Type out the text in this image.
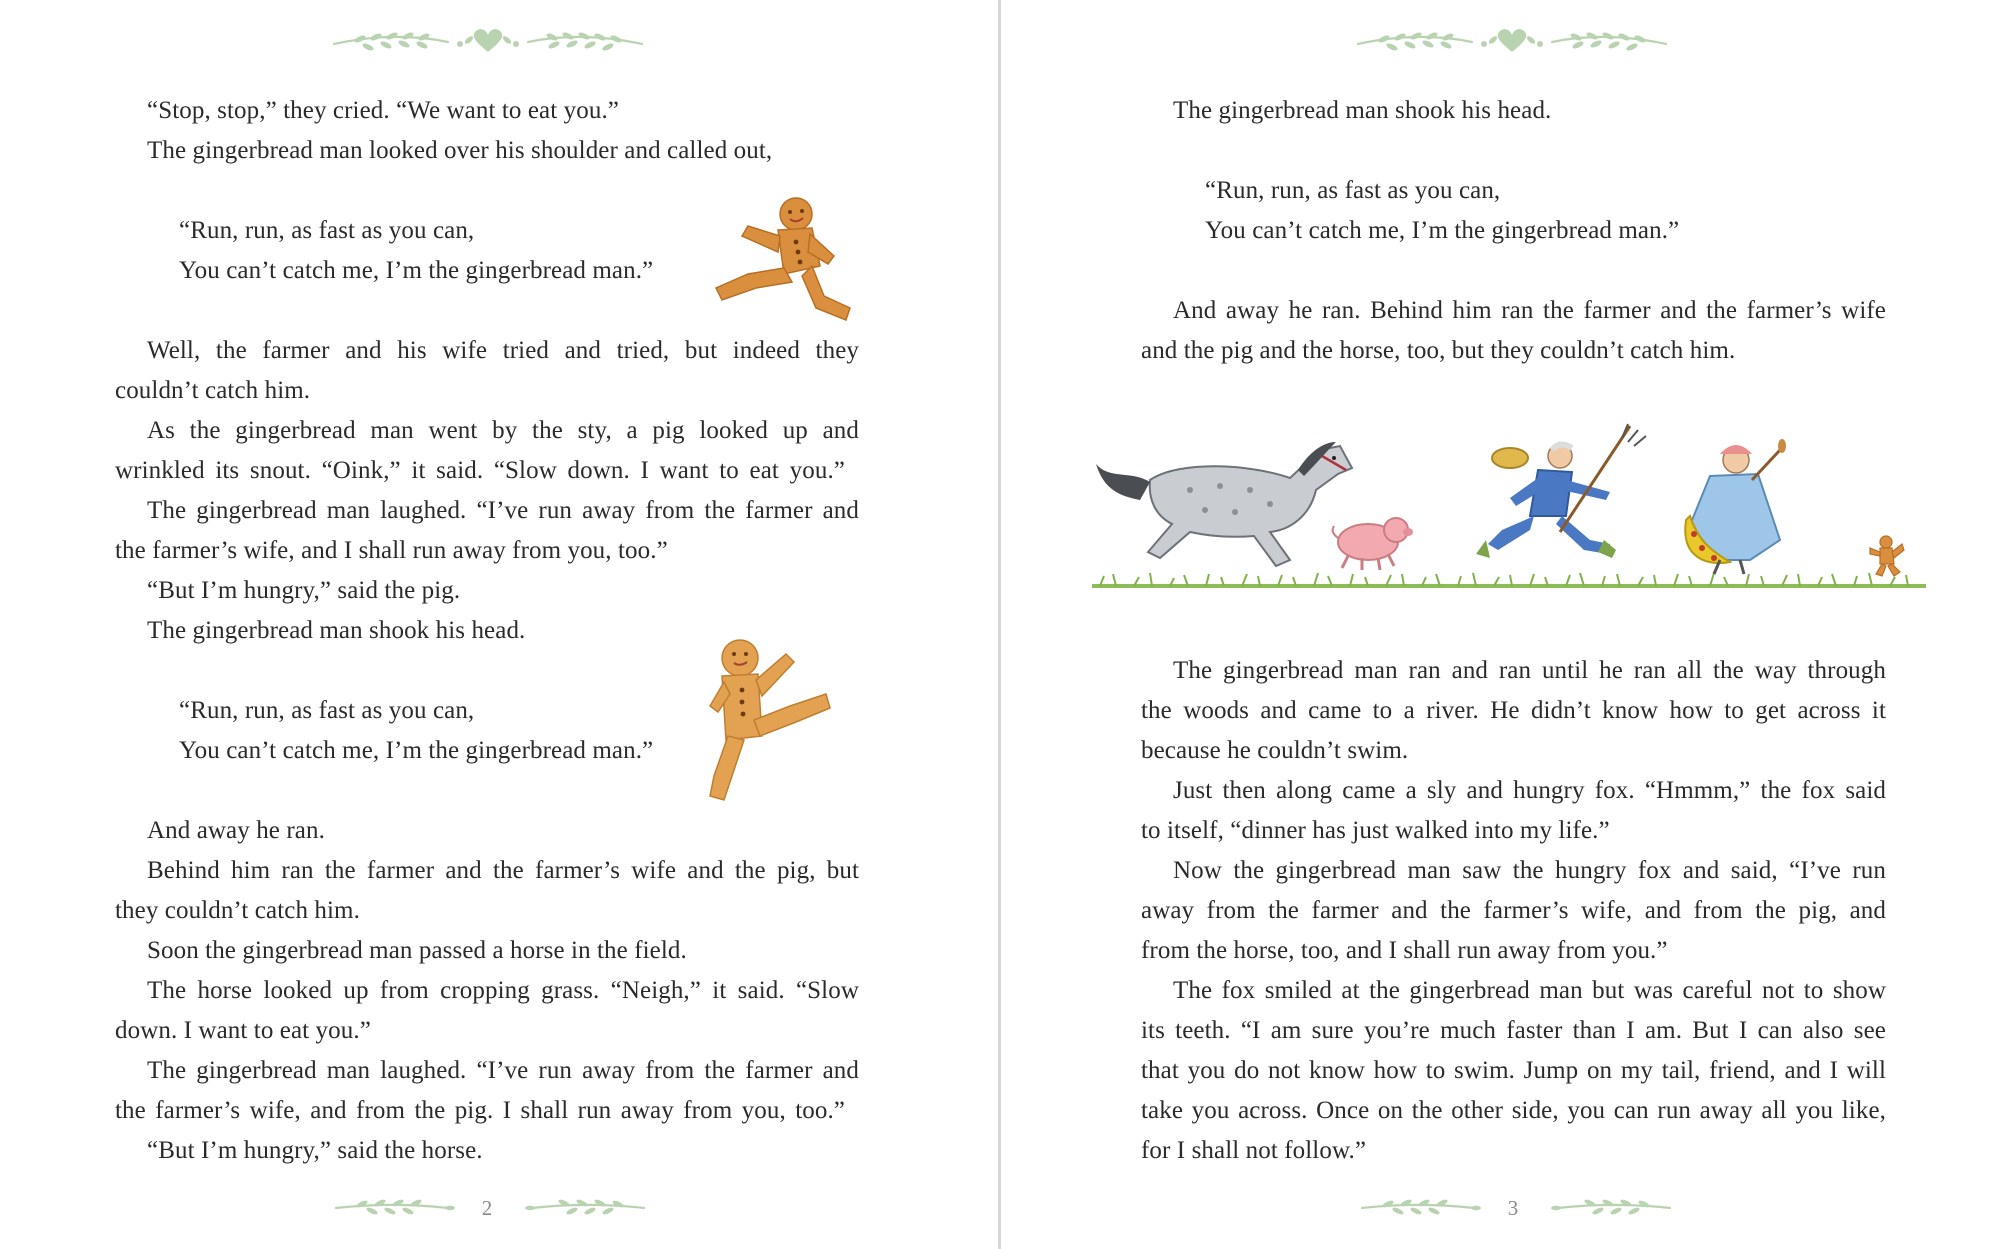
“Stop, stop,” they cried. “We want to eat you.”
The gingerbread man looked over his shoulder and called out,
“Run, run, as fast as you can,
You can’t catch me, I’m the gingerbread man.”
Well, the farmer and his wife tried and tried, but indeed they
couldn’t catch him.
As the gingerbread man went by the sty, a pig looked up and
wrinkled its snout. “Oink,” it said. “Slow down. I want to eat you.”
The gingerbread man laughed. “I’ve run away from the farmer and
the farmer’s wife, and I shall run away from you, too.”
“But I’m hungry,” said the pig.
The gingerbread man shook his head.
“Run, run, as fast as you can,
You can’t catch me, I’m the gingerbread man.”
And away he ran.
Behind him ran the farmer and the farmer’s wife and the pig, but
they couldn’t catch him.
Soon the gingerbread man passed a horse in the field.
The horse looked up from cropping grass. “Neigh,” it said. “Slow
down. I want to eat you.”
The gingerbread man laughed. “I’ve run away from the farmer and
the farmer’s wife, and from the pig. I shall run away from you, too.”
“But I’m hungry,” said the horse.
2
The gingerbread man shook his head.
“Run, run, as fast as you can,
You can’t catch me, I’m the gingerbread man.”
And away he ran. Behind him ran the farmer and the farmer’s wife
and the pig and the horse, too, but they couldn’t catch him.
The gingerbread man ran and ran until he ran all the way through
the woods and came to a river. He didn’t know how to get across it
because he couldn’t swim.
Just then along came a sly and hungry fox. “Hmmm,” the fox said
to itself, “dinner has just walked into my life.”
Now the gingerbread man saw the hungry fox and said, “I’ve run
away from the farmer and the farmer’s wife, and from the pig, and
from the horse, too, and I shall run away from you.”
The fox smiled at the gingerbread man but was careful not to show
its teeth. “I am sure you’re much faster than I am. But I can also see
that you do not know how to swim. Jump on my tail, friend, and I will
take you across. Once on the other side, you can run away all you like,
for I shall not follow.”
3
